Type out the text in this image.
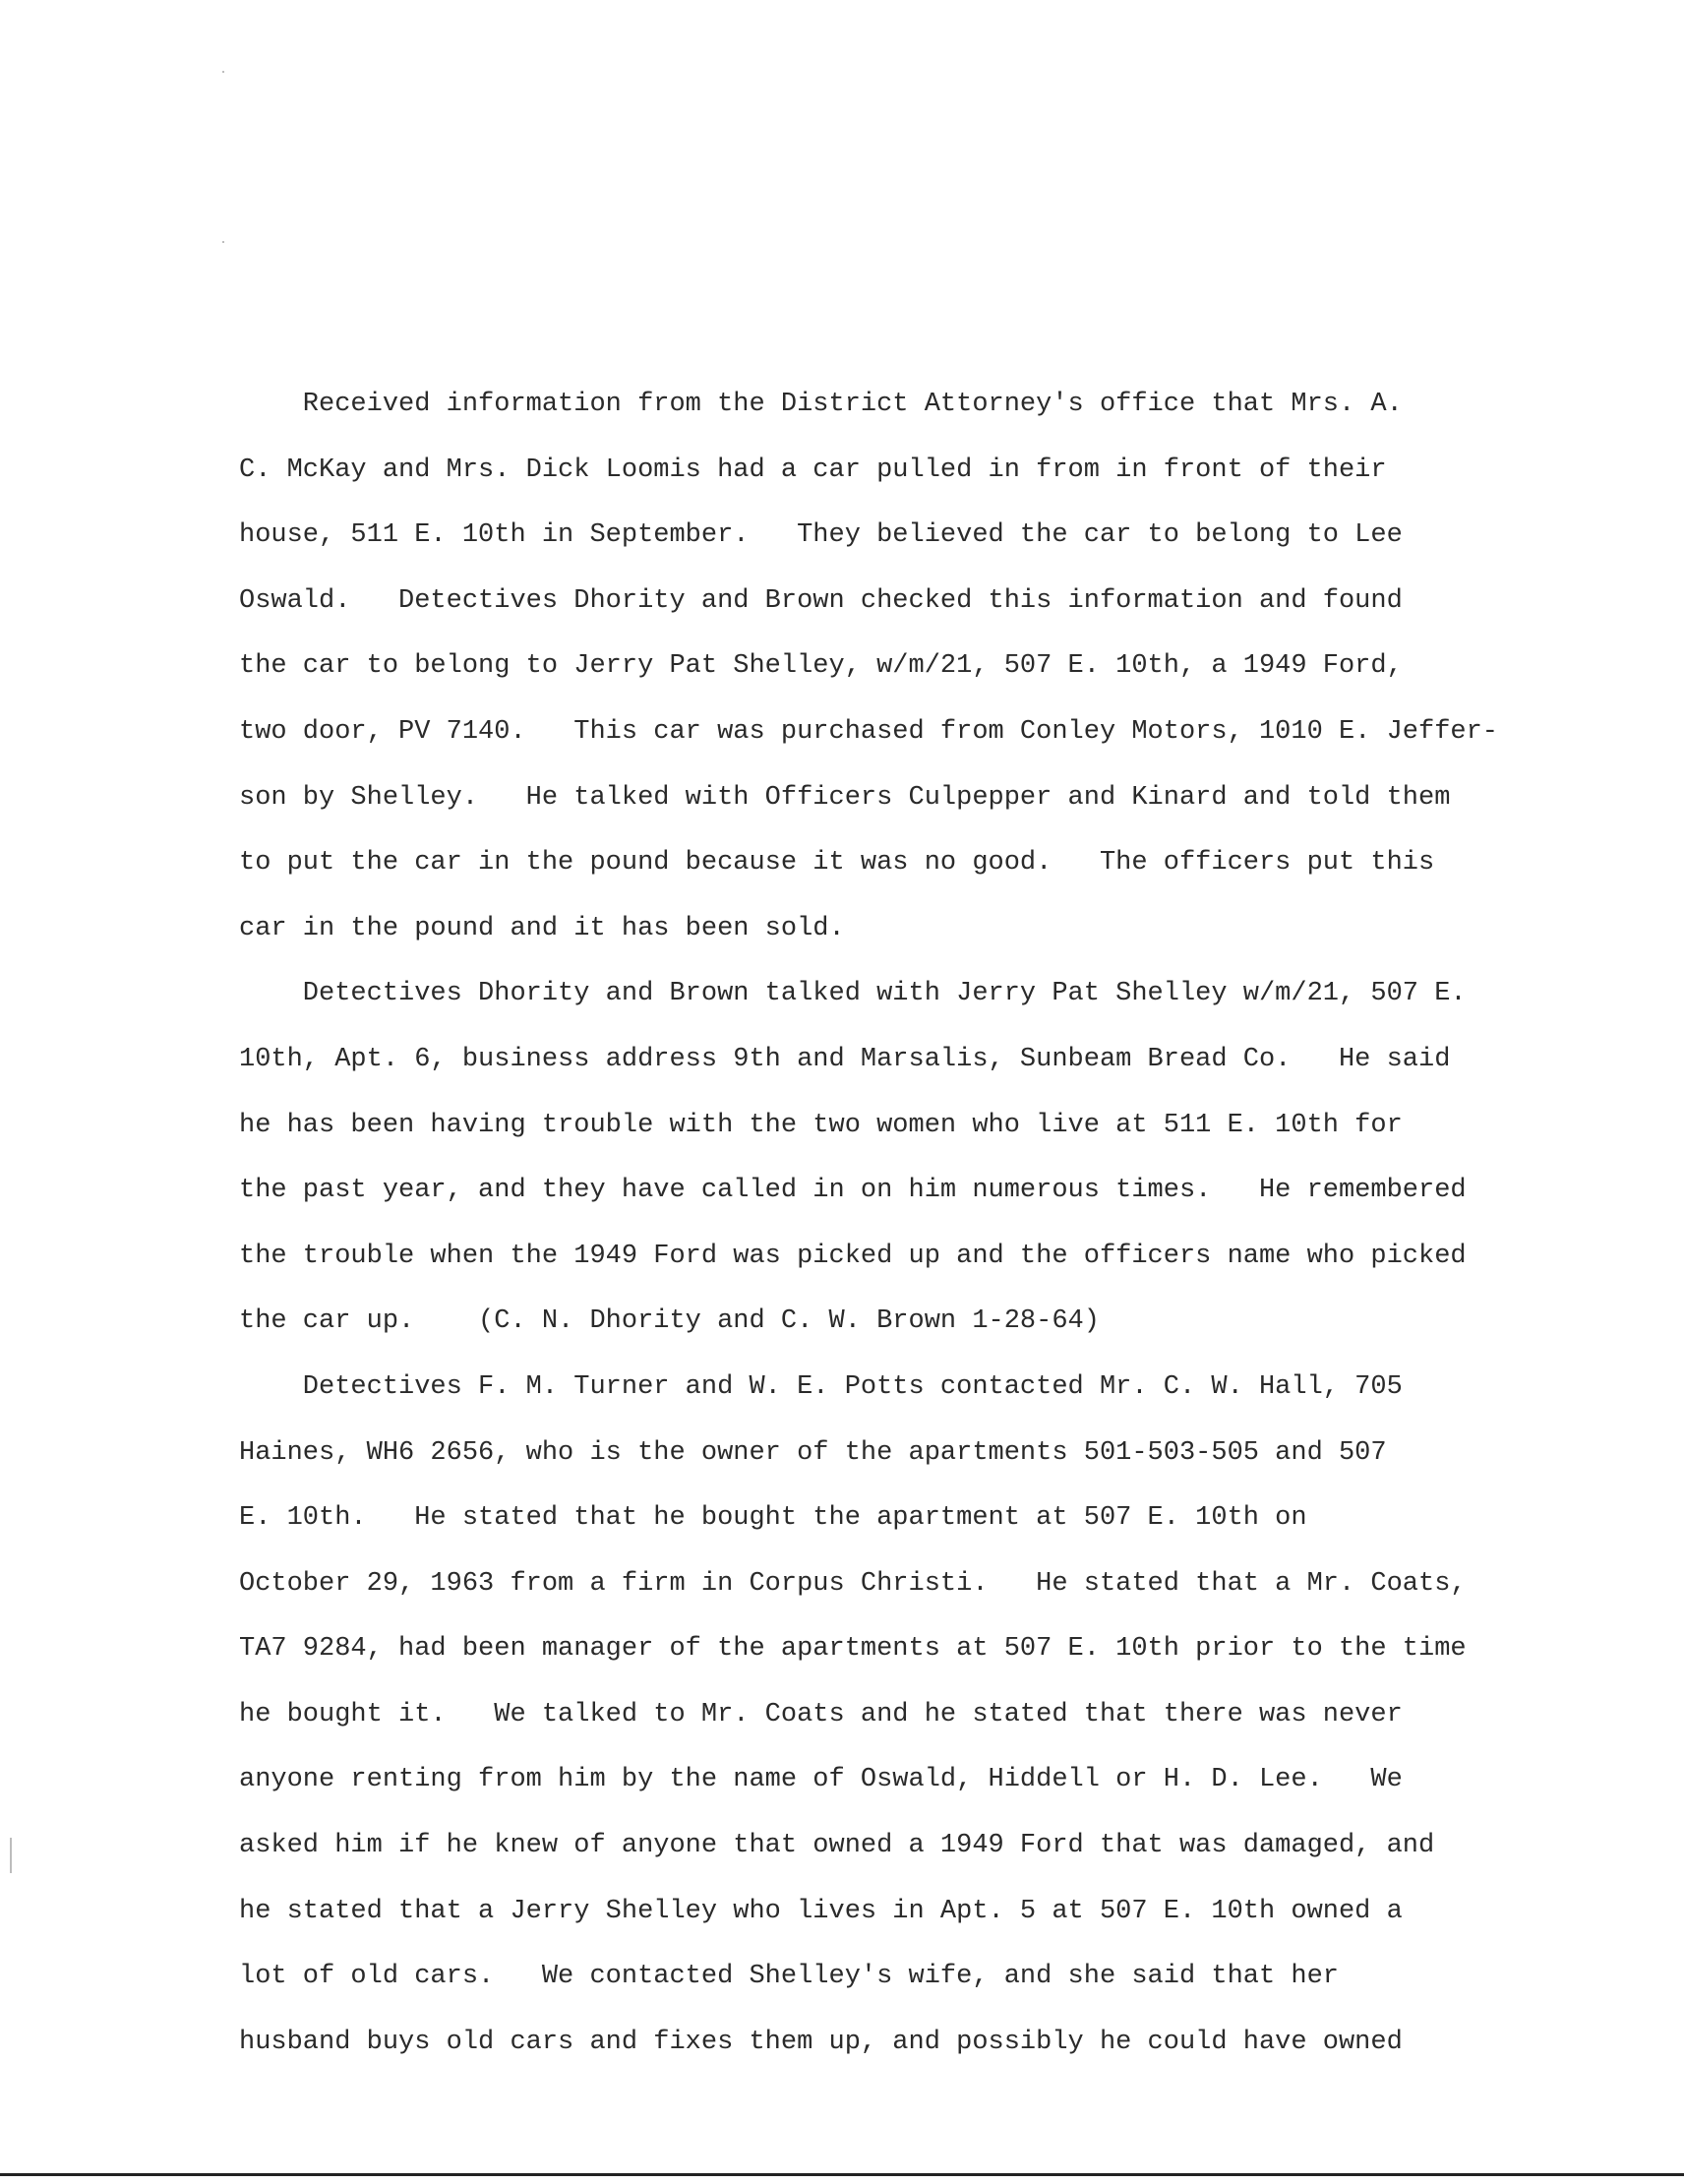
Received information from the District Attorney's office that Mrs. A.
C. McKay and Mrs. Dick Loomis had a car pulled in from in front of their
house, 511 E. 10th in September.   They believed the car to belong to Lee
Oswald.   Detectives Dhority and Brown checked this information and found
the car to belong to Jerry Pat Shelley, w/m/21, 507 E. 10th, a 1949 Ford,
two door, PV 7140.   This car was purchased from Conley Motors, 1010 E. Jeffer-
son by Shelley.   He talked with Officers Culpepper and Kinard and told them
to put the car in the pound because it was no good.   The officers put this
car in the pound and it has been sold.
Detectives Dhority and Brown talked with Jerry Pat Shelley w/m/21, 507 E.
10th, Apt. 6, business address 9th and Marsalis, Sunbeam Bread Co.   He said
he has been having trouble with the two women who live at 511 E. 10th for
the past year, and they have called in on him numerous times.   He remembered
the trouble when the 1949 Ford was picked up and the officers name who picked
the car up.    (C. N. Dhority and C. W. Brown 1-28-64)
Detectives F. M. Turner and W. E. Potts contacted Mr. C. W. Hall, 705
Haines, WH6 2656, who is the owner of the apartments 501-503-505 and 507
E. 10th.   He stated that he bought the apartment at 507 E. 10th on
October 29, 1963 from a firm in Corpus Christi.   He stated that a Mr. Coats,
TA7 9284, had been manager of the apartments at 507 E. 10th prior to the time
he bought it.   We talked to Mr. Coats and he stated that there was never
anyone renting from him by the name of Oswald, Hiddell or H. D. Lee.   We
asked him if he knew of anyone that owned a 1949 Ford that was damaged, and
he stated that a Jerry Shelley who lives in Apt. 5 at 507 E. 10th owned a
lot of old cars.   We contacted Shelley's wife, and she said that her
husband buys old cars and fixes them up, and possibly he could have owned
